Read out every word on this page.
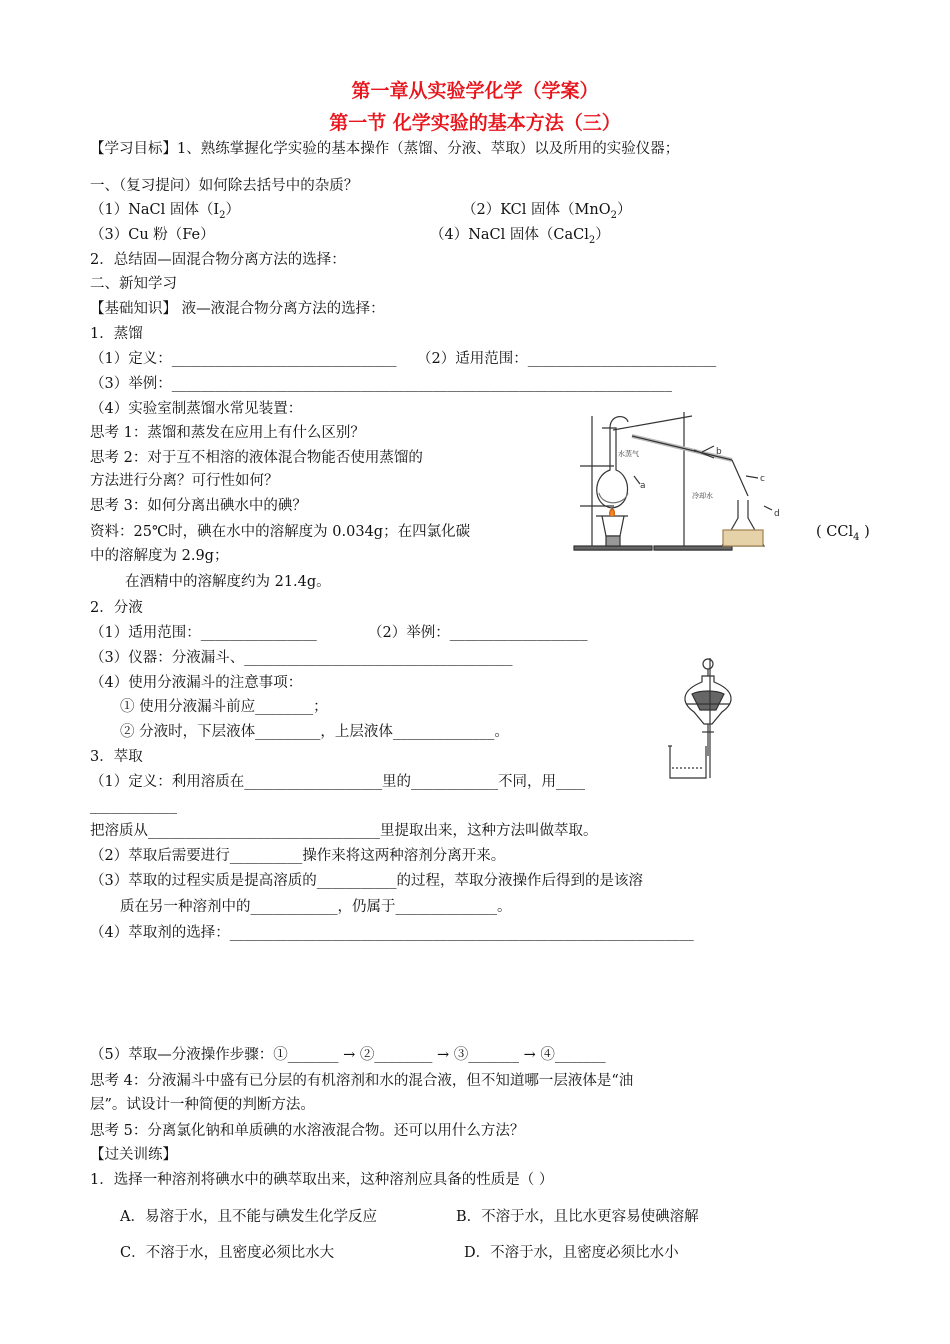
第一章从实验学化学（学案）
第一节 化学实验的基本方法（三）
【学习目标】1、熟练掌握化学实验的基本操作（蒸馏、分液、萃取）以及所用的实验仪器；
一、（复习提问）如何除去括号中的杂质？
（1）NaCl 固体$(I_2)$	（2）KCl 固体（MnO$_2$）
（3）Cu 粉（Fe）	（4）NaCl 固体（CaCl$_2$）
2．总结固—固混合物分离方法的选择：
二、新知学习
【基础知识】 液—液混合物分离方法的选择：
1．蒸馏
（1）定义：_______________________________ （2）适用范围：__________________________
（3）举例：_____________________________________________________________________
（4）实验室制蒸馏水常见装置：
思考 1：蒸馏和蒸发在应用上有什么区别？
思考 2：对于互不相溶的液体混合物能否使用蒸馏的
方法进行分离？可行性如何？
思考 3：如何分离出碘水中的碘？
资料：25℃时，碘在水中的溶解度为 0.034g；在四氯化碳	( CCl$_4$ )
中的溶解度为 2.9g；
在酒精中的溶解度约为 21.4g。
水蒸气
a
b
c
d
冷却水
2．分液
（1）适用范围：________________	（2）举例：___________________
（3）仪器：分液漏斗、_____________________________________
（4）使用分液漏斗的注意事项：
① 使用分液漏斗前应________；
② 分液时，下层液体_________，上层液体______________。
3．萃取
（1）定义：利用溶质在___________________里的____________不同，用____
____________
把溶质从________________________________里提取出来，这种方法叫做萃取。
（2）萃取后需要进行__________操作来将这两种溶剂分离开来。
（3）萃取的过程实质是提高溶质的___________的过程，萃取分液操作后得到的是该溶
质在另一种溶剂中的____________，仍属于______________。
（4）萃取剂的选择：________________________________________________________________
（5）萃取—分液操作步骤：①_______ → ②________ → ③_______ → ④_______
思考 4：分液漏斗中盛有已分层的有机溶剂和水的混合液，但不知道哪一层液体是“油
层”。试设计一种简便的判断方法。
思考 5：分离氯化钠和单质碘的水溶液混合物。还可以用什么方法？
【过关训练】
1．选择一种溶剂将碘水中的碘萃取出来，这种溶剂应具备的性质是（ ）
A．易溶于水，且不能与碘发生化学反应	B．不溶于水，且比水更容易使碘溶解
C．不溶于水，且密度必须比水大	D．不溶于水，且密度必须比水小
